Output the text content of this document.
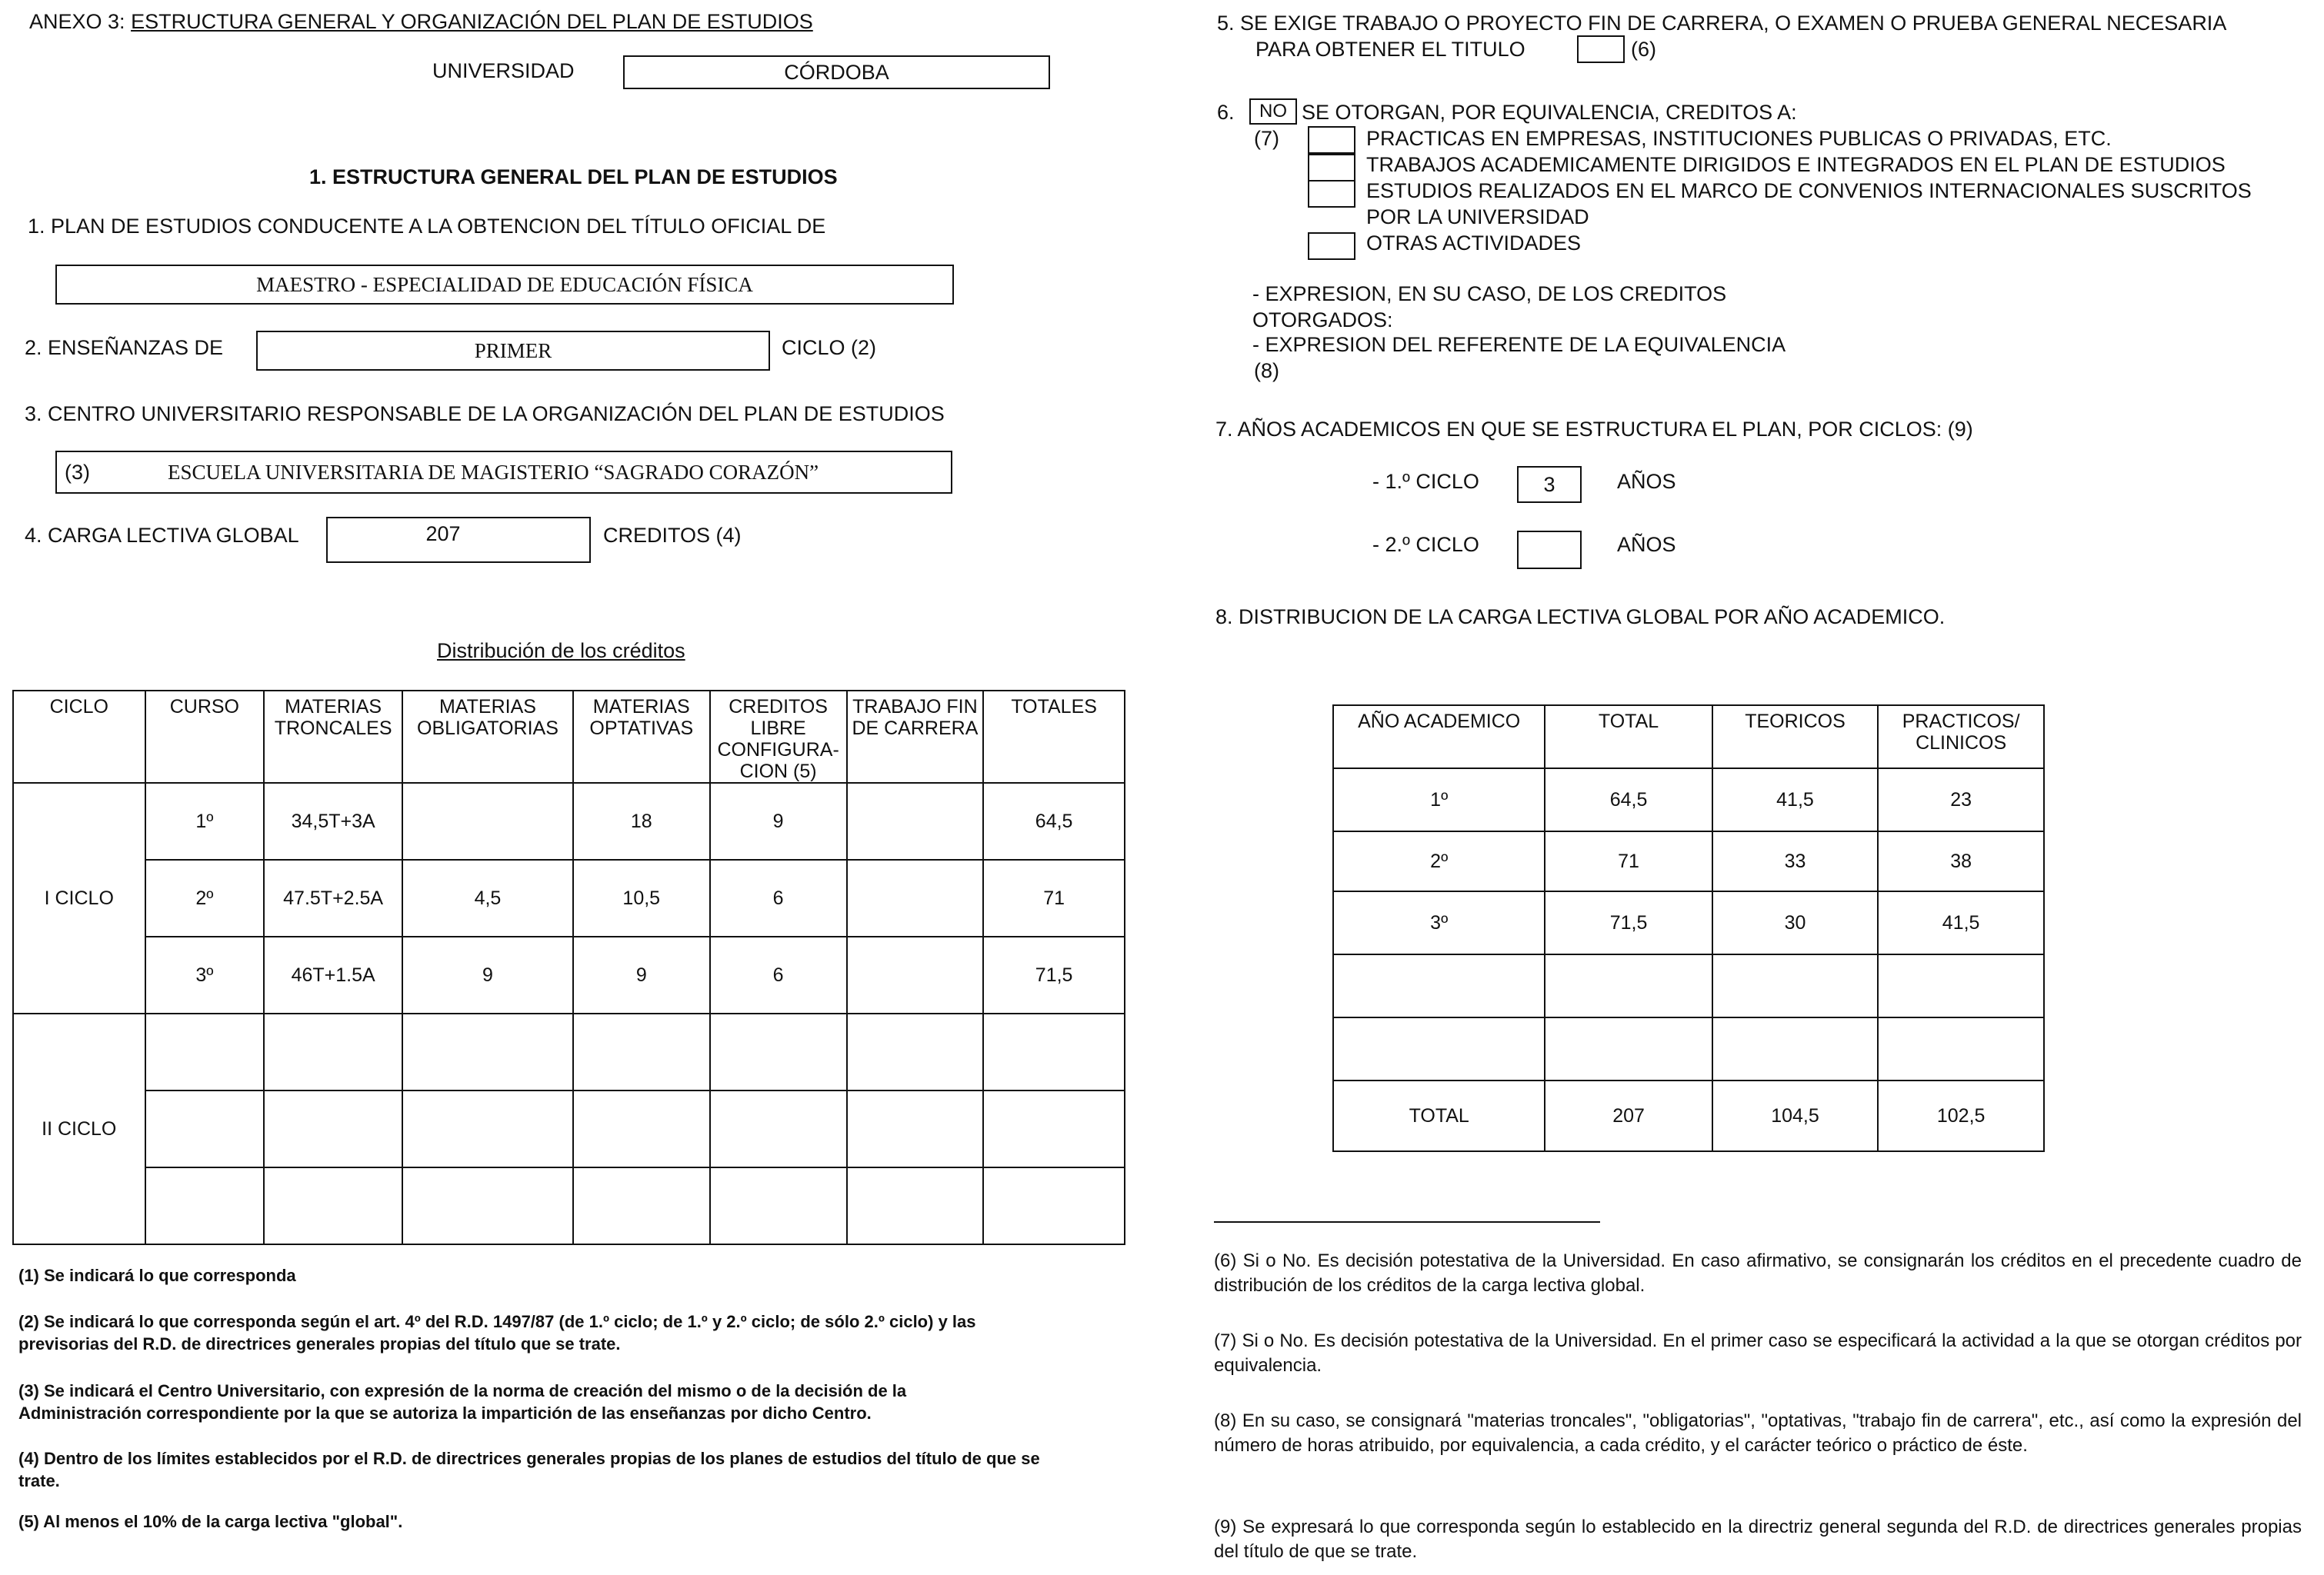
ANEXO 3: ESTRUCTURA GENERAL Y ORGANIZACIÓN DEL PLAN DE ESTUDIOS
UNIVERSIDAD	CÓRDOBA
1. ESTRUCTURA GENERAL DEL PLAN DE ESTUDIOS
1. PLAN DE ESTUDIOS CONDUCENTE A LA OBTENCION DEL TÍTULO OFICIAL DE
MAESTRO - ESPECIALIDAD DE EDUCACIÓN FÍSICA
2. ENSEÑANZAS DE	PRIMER	CICLO (2)
3. CENTRO UNIVERSITARIO RESPONSABLE DE LA ORGANIZACIÓN DEL PLAN DE ESTUDIOS
(3)	ESCUELA UNIVERSITARIA DE MAGISTERIO “SAGRADO CORAZÓN”
4. CARGA LECTIVA GLOBAL	207	CREDITOS (4)
Distribución de los créditos
CICLO	CURSO	MATERIAS TRONCALES	MATERIAS OBLIGATORIAS	MATERIAS OPTATIVAS	CREDITOS LIBRE CONFIGURA-CION (5)	TRABAJO FIN DE CARRERA	TOTALES
I CICLO	1º	34,5T+3A		18	9		64,5
	2º	47.5T+2.5A	4,5	10,5	6		71
	3º	46T+1.5A	9	9	6		71,5
II CICLO							

(1) Se indicará lo que corresponda
(2) Se indicará lo que corresponda según el art. 4º del R.D. 1497/87 (de 1.º ciclo; de 1.º y 2.º ciclo; de sólo 2.º ciclo) y las previsorias del R.D. de directrices generales propias del título que se trate.
(3) Se indicará el Centro Universitario, con expresión de la norma de creación del mismo o de la decisión de la Administración correspondiente por la que se autoriza la impartición de las enseñanzas por dicho Centro.
(4) Dentro de los límites establecidos por el R.D. de directrices generales propias de los planes de estudios del título de que se trate.
(5) Al menos el 10% de la carga lectiva "global".
5. SE EXIGE TRABAJO O PROYECTO FIN DE CARRERA, O EXAMEN O PRUEBA GENERAL NECESARIA
PARA OBTENER EL TITULO	(6)
6. NO SE OTORGAN, POR EQUIVALENCIA, CREDITOS A:
(7)	PRACTICAS EN EMPRESAS, INSTITUCIONES PUBLICAS O PRIVADAS, ETC.
TRABAJOS ACADEMICAMENTE DIRIGIDOS E INTEGRADOS EN EL PLAN DE ESTUDIOS
ESTUDIOS REALIZADOS EN EL MARCO DE CONVENIOS INTERNACIONALES SUSCRITOS
POR LA UNIVERSIDAD
OTRAS ACTIVIDADES
- EXPRESION, EN SU CASO, DE LOS CREDITOS
OTORGADOS:
- EXPRESION DEL REFERENTE DE LA EQUIVALENCIA
(8)
7. AÑOS ACADEMICOS EN QUE SE ESTRUCTURA EL PLAN, POR CICLOS: (9)
- 1.º CICLO	3	AÑOS
- 2.º CICLO	AÑOS
8. DISTRIBUCION DE LA CARGA LECTIVA GLOBAL POR AÑO ACADEMICO.
AÑO ACADEMICO	TOTAL	TEORICOS	PRACTICOS/ CLINICOS
1º	64,5	41,5	23
2º	71	33	38
3º	71,5	30	41,5

TOTAL	207	104,5	102,5
(6) Si o No. Es decisión potestativa de la Universidad. En caso afirmativo, se consignarán los créditos en el precedente cuadro de distribución de los créditos de la carga lectiva global.
(7) Si o No. Es decisión potestativa de la Universidad. En el primer caso se especificará la actividad a la que se otorgan créditos por equivalencia.
(8) En su caso, se consignará "materias troncales", "obligatorias", "optativas, "trabajo fin de carrera", etc., así como la expresión del número de horas atribuido, por equivalencia, a cada crédito, y el carácter teórico o práctico de éste.
(9) Se expresará lo que corresponda según lo establecido en la directriz general segunda del R.D. de directrices generales propias del título de que se trate.
